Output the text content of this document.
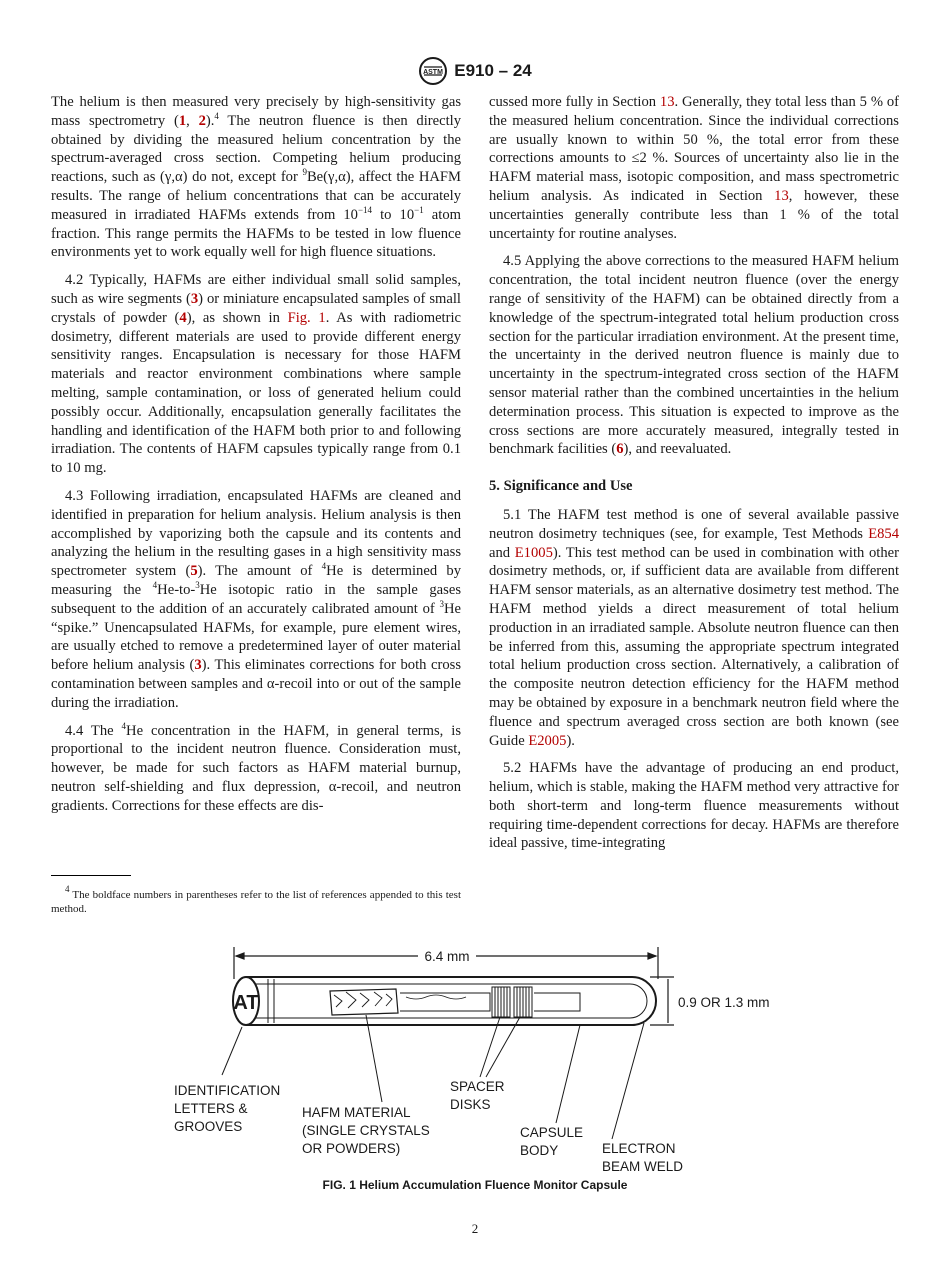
ASTM E910 – 24

The helium is then measured very precisely by high-sensitivity gas mass spectrometry (1, 2).$^4$ The neutron fluence is then directly obtained by dividing the measured helium concentration by the spectrum-averaged cross section. Competing helium producing reactions, such as (γ,α) do not, except for $^9$Be(γ,α), affect the HAFM results. The range of helium concentrations that can be accurately measured in irradiated HAFMs extends from $10^{-14}$ to $10^{-1}$ atom fraction. This range permits the HAFMs to be tested in low fluence environments yet to work equally well for high fluence situations.

4.2 Typically, HAFMs are either individual small solid samples, such as wire segments (3) or miniature encapsulated samples of small crystals of powder (4), as shown in Fig. 1. As with radiometric dosimetry, different materials are used to provide different energy sensitivity ranges. Encapsulation is necessary for those HAFM materials and reactor environment combinations where sample melting, sample contamination, or loss of generated helium could possibly occur. Additionally, encapsulation generally facilitates the handling and identification of the HAFM both prior to and following irradiation. The contents of HAFM capsules typically range from 0.1 to 10 mg.

4.3 Following irradiation, encapsulated HAFMs are cleaned and identified in preparation for helium analysis. Helium analysis is then accomplished by vaporizing both the capsule and its contents and analyzing the helium in the resulting gases in a high sensitivity mass spectrometer system (5). The amount of $^4$He is determined by measuring the $^4$He-to-$^3$He isotopic ratio in the sample gases subsequent to the addition of an accurately calibrated amount of $^3$He “spike.” Unencapsulated HAFMs, for example, pure element wires, are usually etched to remove a predetermined layer of outer material before helium analysis (3). This eliminates corrections for both cross contamination between samples and α-recoil into or out of the sample during the irradiation.

4.4 The $^4$He concentration in the HAFM, in general terms, is proportional to the incident neutron fluence. Consideration must, however, be made for such factors as HAFM material burnup, neutron self-shielding and flux depression, α-recoil, and neutron gradients. Corrections for these effects are dis-

cussed more fully in Section 13. Generally, they total less than 5 % of the measured helium concentration. Since the individual corrections are usually known to within 50 %, the total error from these corrections amounts to ≤2 %. Sources of uncertainty also lie in the HAFM material mass, isotopic composition, and mass spectrometric helium analysis. As indicated in Section 13, however, these uncertainties generally contribute less than 1 % of the total uncertainty for routine analyses.

4.5 Applying the above corrections to the measured HAFM helium concentration, the total incident neutron fluence (over the energy range of sensitivity of the HAFM) can be obtained directly from a knowledge of the spectrum-integrated total helium production cross section for the particular irradiation environment. At the present time, the uncertainty in the derived neutron fluence is mainly due to uncertainty in the spectrum-integrated cross section of the HAFM sensor material rather than the combined uncertainties in the helium determination process. This situation is expected to improve as the cross sections are more accurately measured, integrally tested in benchmark facilities (6), and reevaluated.

5. Significance and Use

5.1 The HAFM test method is one of several available passive neutron dosimetry techniques (see, for example, Test Methods E854 and E1005). This test method can be used in combination with other dosimetry methods, or, if sufficient data are available from different HAFM sensor materials, as an alternative dosimetry test method. The HAFM method yields a direct measurement of total helium production in an irradiated sample. Absolute neutron fluence can then be inferred from this, assuming the appropriate spectrum integrated total helium production cross section. Alternatively, a calibration of the composite neutron detection efficiency for the HAFM method may be obtained by exposure in a benchmark neutron field where the fluence and spectrum averaged cross section are both known (see Guide E2005).

5.2 HAFMs have the advantage of producing an end product, helium, which is stable, making the HAFM method very attractive for both short-term and long-term fluence measurements without requiring time-dependent corrections for decay. HAFMs are therefore ideal passive, time-integrating

$^4$ The boldface numbers in parentheses refer to the list of references appended to this test method.
6.4 mm
AT	0.9 OR 1.3 mm
IDENTIFICATION LETTERS & GROOVES
HAFM MATERIAL (SINGLE CRYSTALS OR POWDERS)
SPACER DISKS
CAPSULE BODY	ELECTRON BEAM WELD
FIG. 1 Helium Accumulation Fluence Monitor Capsule
2
